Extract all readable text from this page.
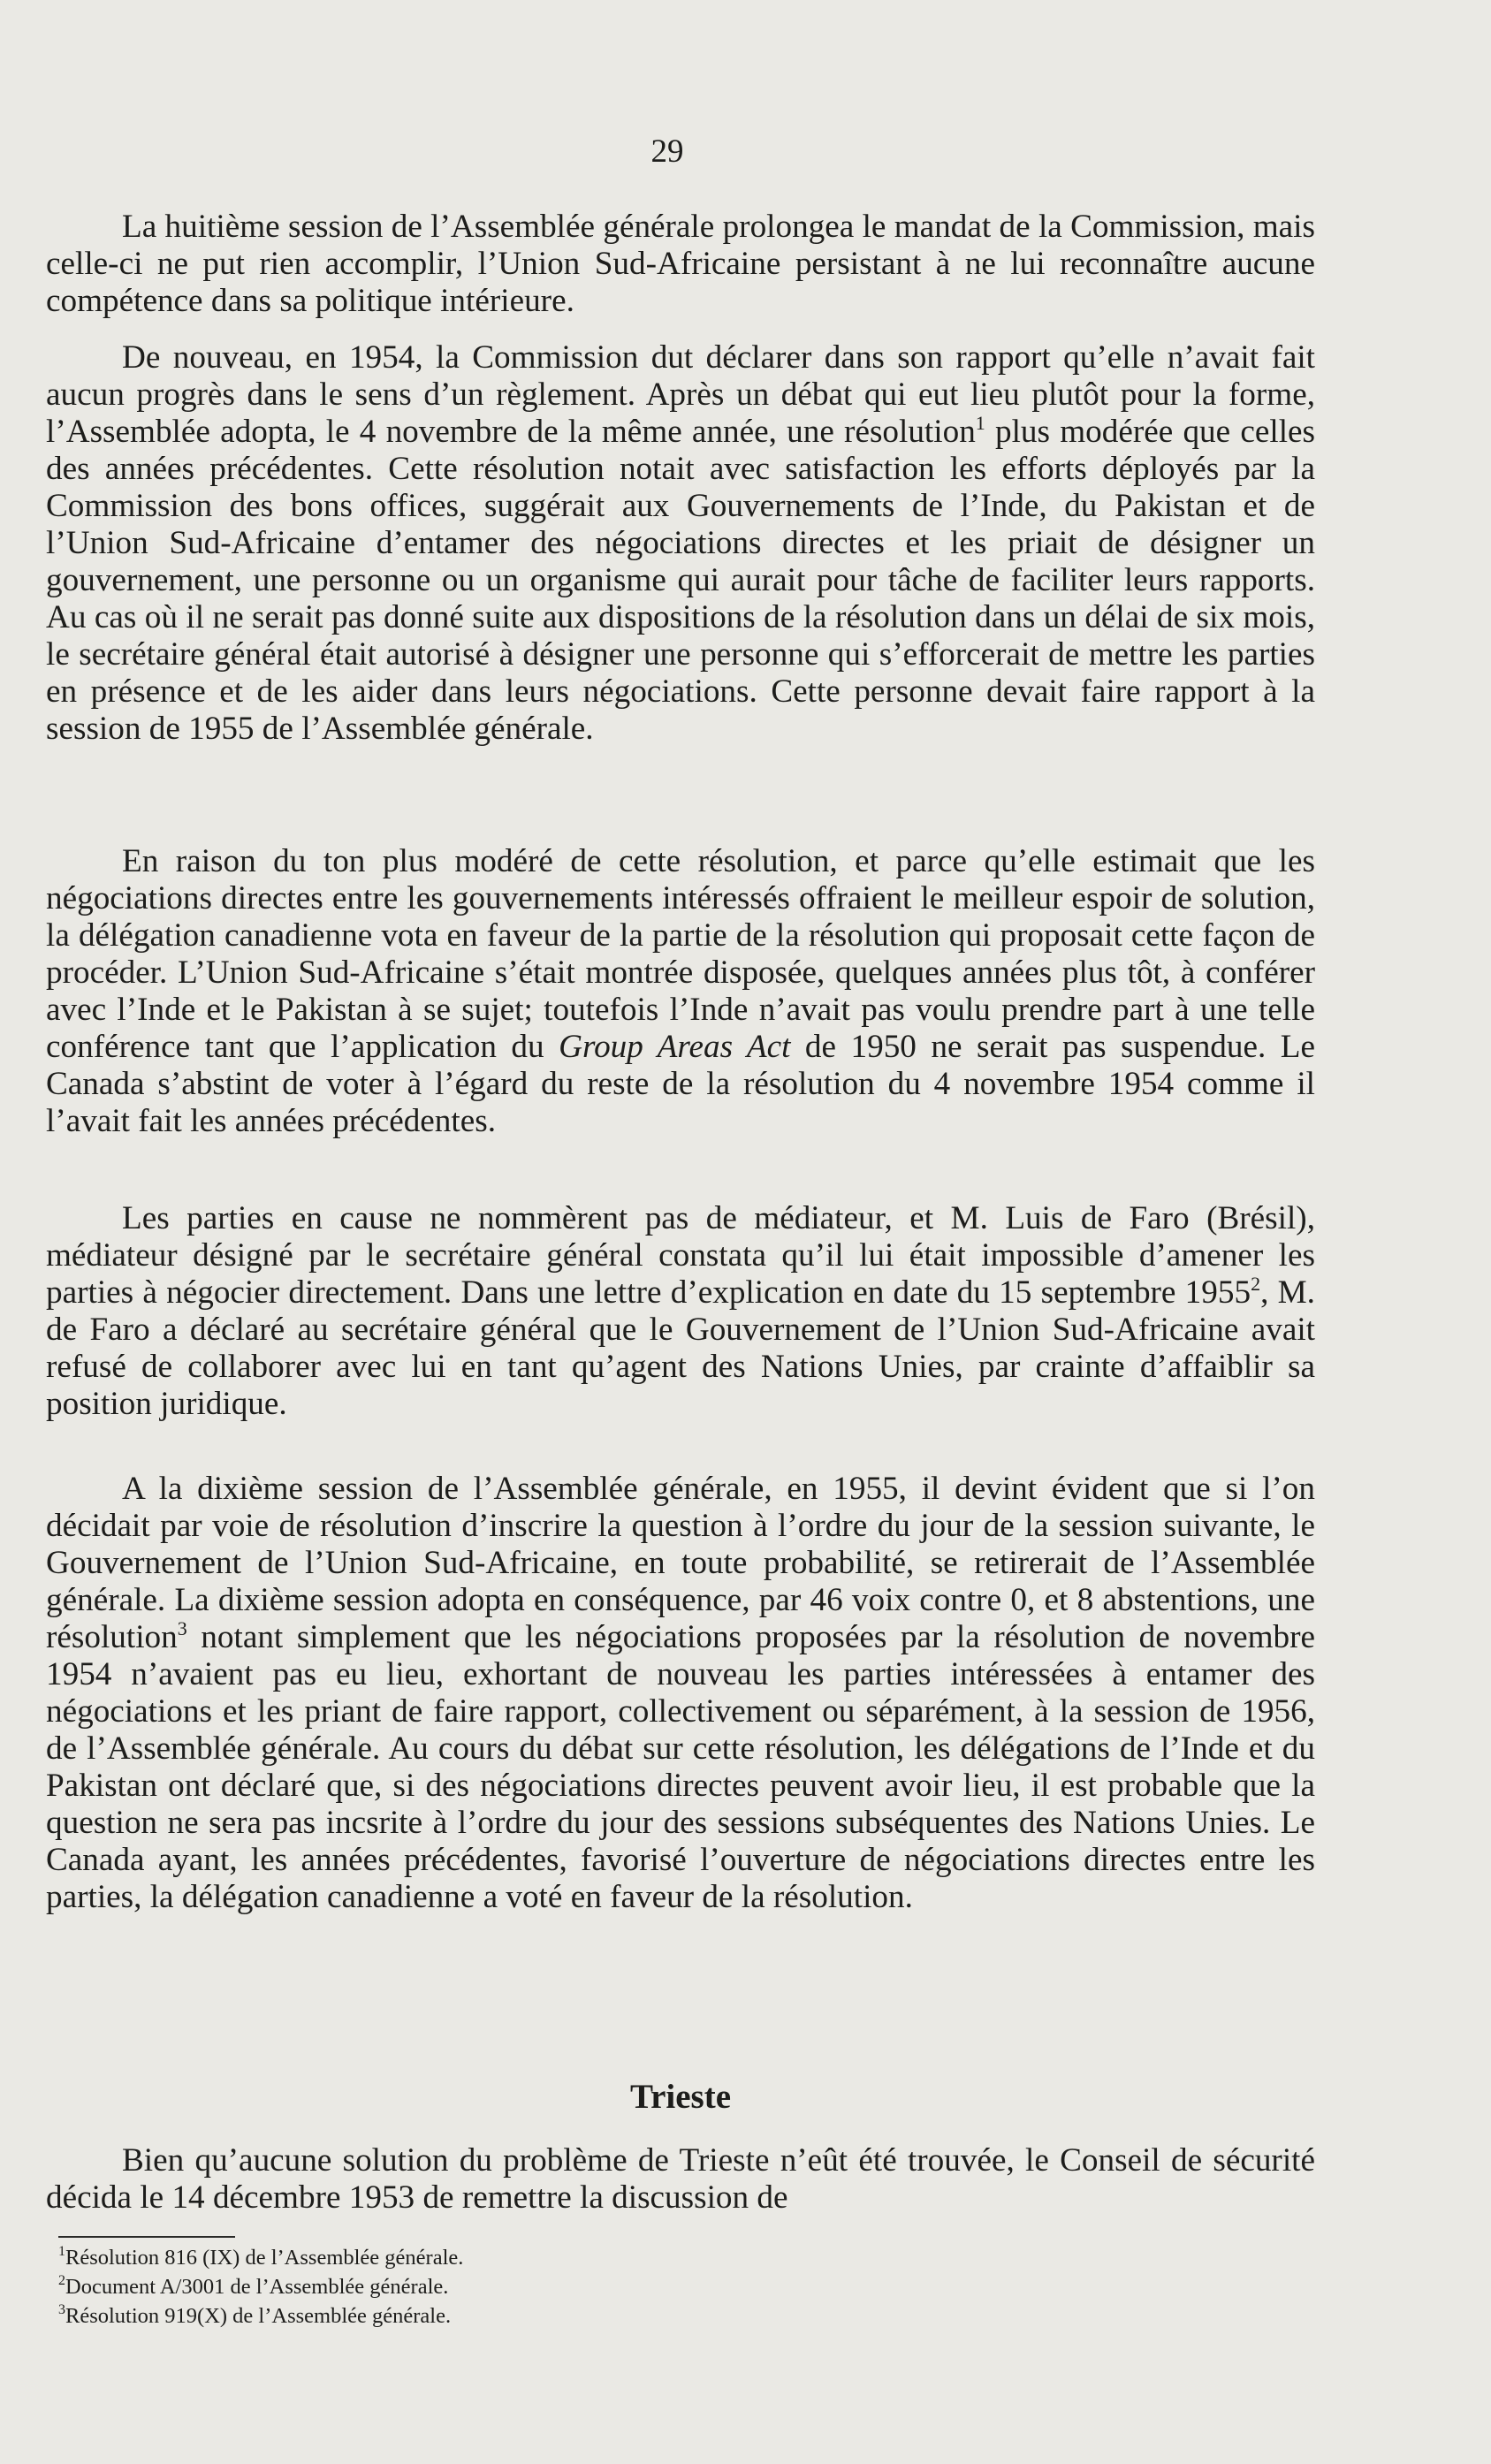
29

La huitième session de l’Assemblée générale prolongea le mandat de la Commission, mais celle-ci ne put rien accomplir, l’Union Sud-Africaine persistant à ne lui reconnaître aucune compétence dans sa politique intérieure.

De nouveau, en 1954, la Commission dut déclarer dans son rapport qu’elle n’avait fait aucun progrès dans le sens d’un règlement. Après un débat qui eut lieu plutôt pour la forme, l’Assemblée adopta, le 4 novembre de la même année, une résolution$^1$ plus modérée que celles des années précédentes. Cette résolution notait avec satisfaction les efforts déployés par la Commission des bons offices, suggérait aux Gouvernements de l’Inde, du Pakistan et de l’Union Sud-Africaine d’entamer des négociations directes et les priait de désigner un gouvernement, une personne ou un organisme qui aurait pour tâche de faciliter leurs rapports. Au cas où il ne serait pas donné suite aux dispositions de la résolution dans un délai de six mois, le secrétaire général était autorisé à désigner une personne qui s’efforcerait de mettre les parties en présence et de les aider dans leurs négociations. Cette personne devait faire rapport à la session de 1955 de l’Assemblée générale.

En raison du ton plus modéré de cette résolution, et parce qu’elle estimait que les négociations directes entre les gouvernements intéressés offraient le meilleur espoir de solution, la délégation canadienne vota en faveur de la partie de la résolution qui proposait cette façon de procéder. L’Union Sud-Africaine s’était montrée disposée, quelques années plus tôt, à conférer avec l’Inde et le Pakistan à se sujet; toutefois l’Inde n’avait pas voulu prendre part à une telle conférence tant que l’application du Group Areas Act de 1950 ne serait pas suspendue. Le Canada s’abstint de voter à l’égard du reste de la résolution du 4 novembre 1954 comme il l’avait fait les années précédentes.

Les parties en cause ne nommèrent pas de médiateur, et M. Luis de Faro (Brésil), médiateur désigné par le secrétaire général constata qu’il lui était impossible d’amener les parties à négocier directement. Dans une lettre d’explication en date du 15 septembre 1955$^2$, M. de Faro a déclaré au secrétaire général que le Gouvernement de l’Union Sud-Africaine avait refusé de collaborer avec lui en tant qu’agent des Nations Unies, par crainte d’affaiblir sa position juridique.

A la dixième session de l’Assemblée générale, en 1955, il devint évident que si l’on décidait par voie de résolution d’inscrire la question à l’ordre du jour de la session suivante, le Gouvernement de l’Union Sud-Africaine, en toute probabilité, se retirerait de l’Assemblée générale. La dixième session adopta en conséquence, par 46 voix contre 0, et 8 abstentions, une résolution$^3$ notant simplement que les négociations proposées par la résolution de novembre 1954 n’avaient pas eu lieu, exhortant de nouveau les parties intéressées à entamer des négociations et les priant de faire rapport, collectivement ou séparément, à la session de 1956, de l’Assemblée générale. Au cours du débat sur cette résolution, les délégations de l’Inde et du Pakistan ont déclaré que, si des négociations directes peuvent avoir lieu, il est probable que la question ne sera pas incsrite à l’ordre du jour des sessions subséquentes des Nations Unies. Le Canada ayant, les années précédentes, favorisé l’ouverture de négociations directes entre les parties, la délégation canadienne a voté en faveur de la résolution.

Trieste

Bien qu’aucune solution du problème de Trieste n’eût été trouvée, le Conseil de sécurité décida le 14 décembre 1953 de remettre la discussion de

$^1$Résolution 816 (IX) de l’Assemblée générale.

$^2$Document A/3001 de l’Assemblée générale.

$^3$Résolution 919(X) de l’Assemblée générale.
